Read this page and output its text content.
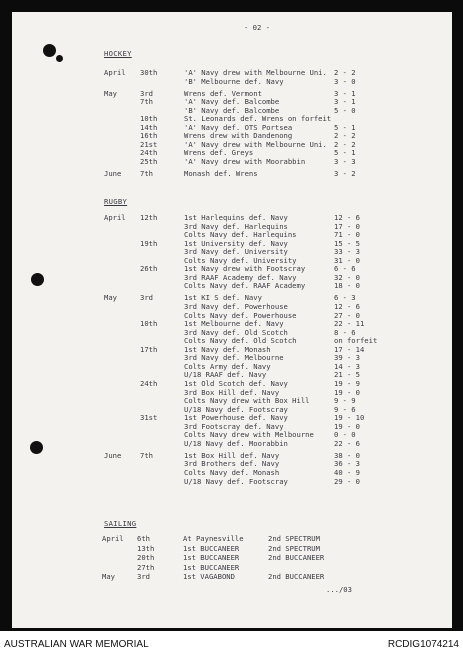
- 02 -
HOCKEY
April 30th	'A' Navy drew with Melbourne Uni. 2 - 2
'B' Melbourne def. Navy	3 - 0
May	3rd	Wrens def. Vermont	3 - 1
7th	'A' Navy def. Balcombe	3 - 1
'B' Navy def. Balcombe	5 - 0
10th	St. Leonards def. Wrens on forfeit
14th	'A' Navy def. OTS Portsea	5 - 1
16th	Wrens drew with Dandenong	2 - 2
21st	'A' Navy drew with Melbourne Uni. 2 - 2
24th	Wrens def. Greys	5 - 1
25th	'A' Navy drew with Moorabbin	3 - 3
June	7th	Monash def. Wrens	3 - 2
RUGBY
April 12th	1st Harlequins def. Navy	12 - 6
3rd Navy def. Harlequins	17 - 0
Colts Navy def. Harlequins	71 - 0
19th	1st University def. Navy	15 - 5
3rd Navy def. University	33 - 3
Colts Navy def. University	31 - 0
26th	1st Navy drew with Footscray	6 - 6
3rd RAAF Academy def. Navy	32 - 0
Colts Navy def. RAAF Academy	18 - 0
May	3rd	1st KI S def. Navy	6 - 3
3rd Navy def. Powerhouse	12 - 6
Colts Navy def. Powerhouse	27 - 0
10th	1st Melbourne def. Navy	22 - 11
3rd Navy def. Old Scotch	8 - 6
Colts Navy def. Old Scotch	on forfeit
17th	1st Navy def. Monash	17 - 14
3rd Navy def. Melbourne	39 - 3
Colts Army def. Navy	14 - 3
U/18 RAAF def. Navy	21 - 5
24th	1st Old Scotch def. Navy	19 - 9
3rd Box Hill def. Navy	19 - 0
Colts Navy drew with Box Hill	9 - 9
U/18 Navy def. Footscray	9 - 6
31st	1st Powerhouse def. Navy	19 - 10
3rd Footscray def. Navy	19 - 0
Colts Navy drew with Melbourne	0 - 0
U/18 Navy def. Moorabbin	22 - 6
June	7th	1st Box Hill def. Navy	38 - 0
3rd Brothers def. Navy	36 - 3
Colts Navy def. Monash	40 - 9
U/18 Navy def. Footscray	29 - 0
SAILING
April 6th	At Paynesville	2nd SPECTRUM
13th	1st BUCCANEER	2nd SPECTRUM
20th	1st BUCCANEER	2nd BUCCANEER
27th	1st BUCCANEER
May	3rd	1st VAGABOND	2nd BUCCANEER
.../03
AUSTRALIAN WAR MEMORIAL	RCDIG1074214
